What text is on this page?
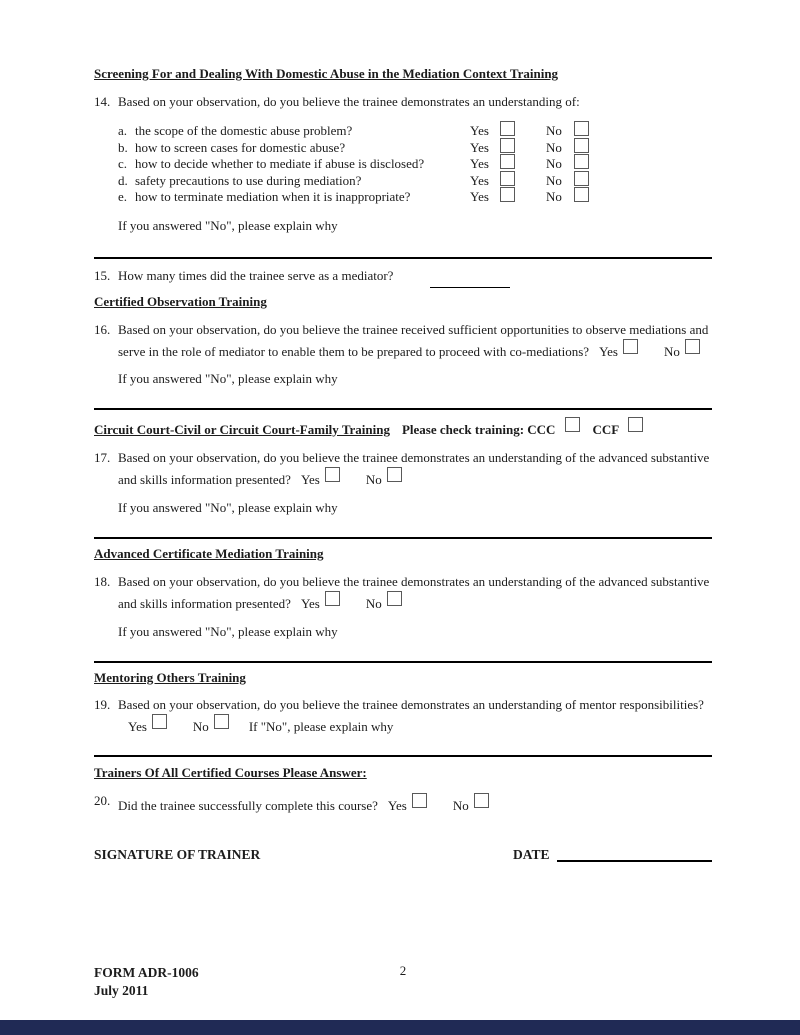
Screening For and Dealing With Domestic Abuse in the Mediation Context Training
14. Based on your observation, do you believe the trainee demonstrates an understanding of:
a. the scope of the domestic abuse problem?	Yes	No
b. how to screen cases for domestic abuse?	Yes	No
c. how to decide whether to mediate if abuse is disclosed?	Yes	No
d. safety precautions to use during mediation?	Yes	No
e. how to terminate mediation when it is inappropriate?	Yes	No
If you answered "No", please explain why
15. How many times did the trainee serve as a mediator?
Certified Observation Training
16. Based on your observation, do you believe the trainee received sufficient opportunities to observe mediations and serve in the role of mediator to enable them to be prepared to proceed with co-mediations? Yes	No
If you answered "No", please explain why
Circuit Court-Civil or Circuit Court-Family Training Please check training: CCC	CCF
17. Based on your observation, do you believe the trainee demonstrates an understanding of the advanced substantive and skills information presented? Yes	No
If you answered "No", please explain why
Advanced Certificate Mediation Training
18. Based on your observation, do you believe the trainee demonstrates an understanding of the advanced substantive and skills information presented? Yes	No
If you answered "No", please explain why
Mentoring Others Training
19. Based on your observation, do you believe the trainee demonstrates an understanding of mentor responsibilities?Yes	No	If "No", please explain why
Trainers Of All Certified Courses Please Answer:
20. Did the trainee successfully complete this course? Yes	No
SIGNATURE OF TRAINER	DATE
FORM ADR-1006
July 2011
2
